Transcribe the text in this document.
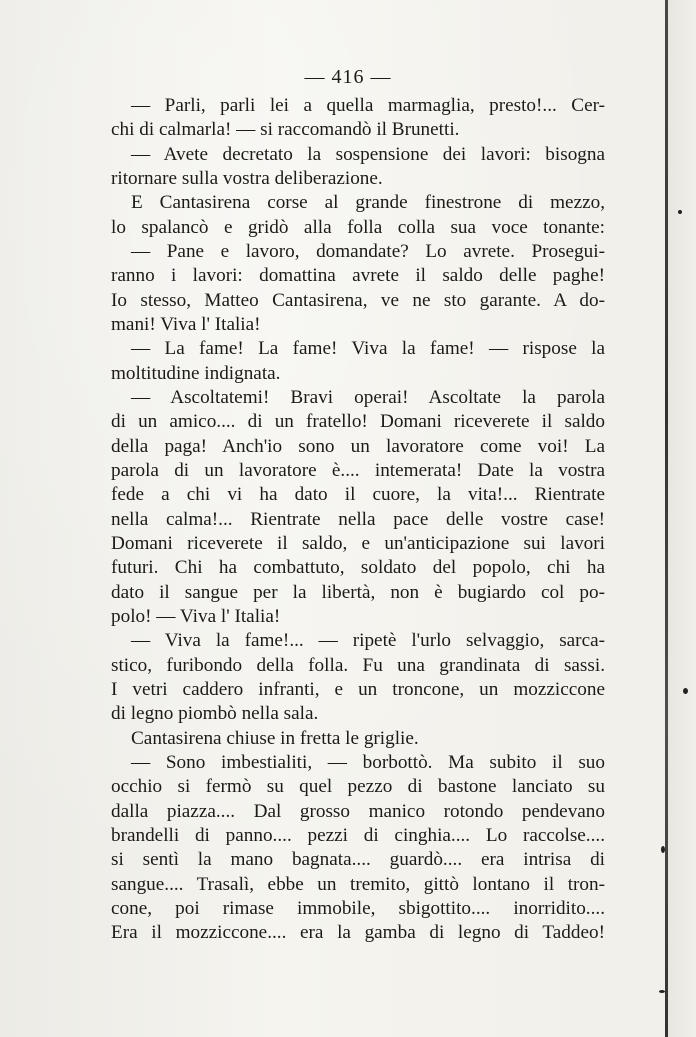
— 416 —
— Parli, parli lei a quella marmaglia, presto!... Cer-
chi di calmarla! — si raccomandò il Brunetti.
— Avete decretato la sospensione dei lavori: bisogna
ritornare sulla vostra deliberazione.
E Cantasirena corse al grande finestrone di mezzo,
lo spalancò e gridò alla folla colla sua voce tonante:
— Pane e lavoro, domandate? Lo avrete. Prosegui-
ranno i lavori: domattina avrete il saldo delle paghe!
Io stesso, Matteo Cantasirena, ve ne sto garante. A do-
mani! Viva l' Italia!
— La fame! La fame! Viva la fame! — rispose la
moltitudine indignata.
— Ascoltatemi! Bravi operai! Ascoltate la parola
di un amico.... di un fratello! Domani riceverete il saldo
della paga! Anch'io sono un lavoratore come voi! La
parola di un lavoratore è.... intemerata! Date la vostra
fede a chi vi ha dato il cuore, la vita!... Rientrate
nella calma!... Rientrate nella pace delle vostre case!
Domani riceverete il saldo, e un'anticipazione sui lavori
futuri. Chi ha combattuto, soldato del popolo, chi ha
dato il sangue per la libertà, non è bugiardo col po-
polo! — Viva l' Italia!
— Viva la fame!... — ripetè l'urlo selvaggio, sarca-
stico, furibondo della folla. Fu una grandinata di sassi.
I vetri caddero infranti, e un troncone, un mozziccone
di legno piombò nella sala.
Cantasirena chiuse in fretta le griglie.
— Sono imbestialiti, — borbottò. Ma subito il suo
occhio si fermò su quel pezzo di bastone lanciato su
dalla piazza.... Dal grosso manico rotondo pendevano
brandelli di panno.... pezzi di cinghia.... Lo raccolse....
si sentì la mano bagnata.... guardò.... era intrisa di
sangue.... Trasalì, ebbe un tremito, gittò lontano il tron-
cone, poi rimase immobile, sbigottito.... inorridito....
Era il mozziccone.... era la gamba di legno di Taddeo!
